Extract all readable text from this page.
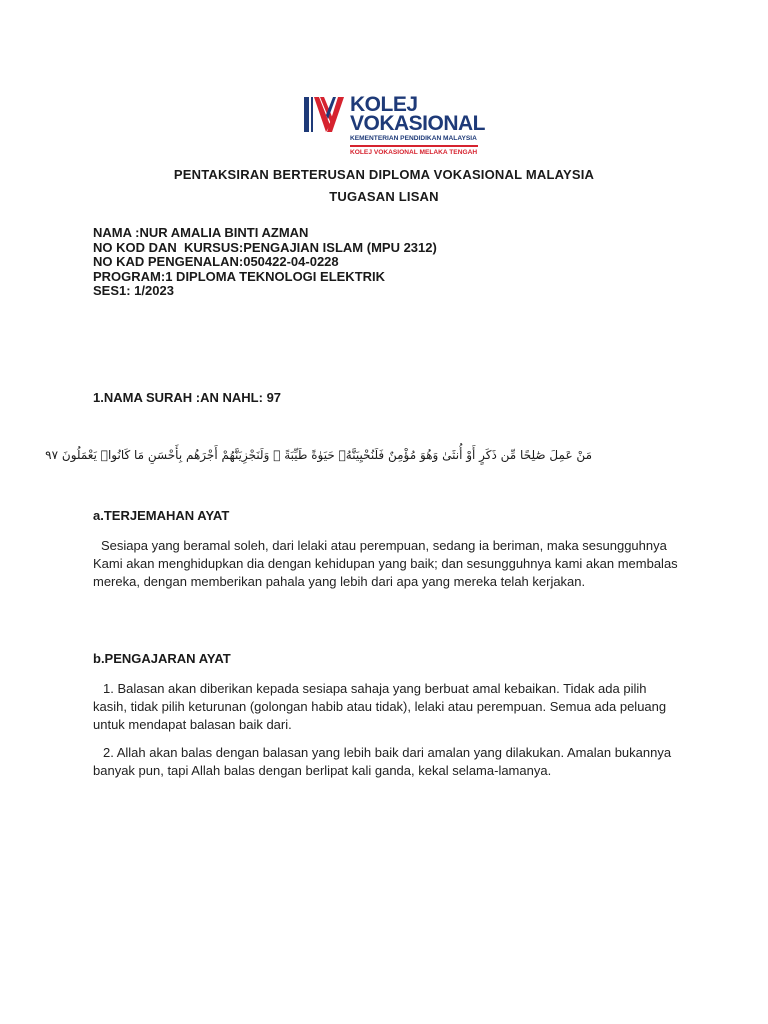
KOLEJ
VOKASIONAL
KEMENTERIAN PENDIDIKAN MALAYSIA
KOLEJ VOKASIONAL MELAKA TENGAH
PENTAKSIRAN BERTERUSAN DIPLOMA VOKASIONAL MALAYSIA
TUGASAN LISAN
NAMA :NUR AMALIA BINTI AZMAN
NO KOD DAN  KURSUS:PENGAJIAN ISLAM (MPU 2312)
NO KAD PENGENALAN:050422-04-0228
PROGRAM:1 DIPLOMA TEKNOLOGI ELEKTRIK
SES1: 1/2023
1.NAMA SURAH :AN NAHL: 97
مَنْ عَمِلَ صَٰلِحًا مِّن ذَكَرٍ أَوْ أُنثَىٰ وَهُوَ مُؤْمِنٌ فَلَنُحْيِيَنَّهُۥ حَيَوٰةً طَيِّبَةً ۖ وَلَنَجْزِيَنَّهُمْ أَجْرَهُم بِأَحْسَنِ مَا كَانُوا۟ يَعْمَلُونَ ٩٧
a.TERJEMAHAN AYAT
Sesiapa yang beramal soleh, dari lelaki atau perempuan, sedang ia beriman, maka sesungguhnya Kami akan menghidupkan dia dengan kehidupan yang baik; dan sesungguhnya kami akan membalas mereka, dengan memberikan pahala yang lebih dari apa yang mereka telah kerjakan.
b.PENGAJARAN AYAT
1. Balasan akan diberikan kepada sesiapa sahaja yang berbuat amal kebaikan. Tidak ada pilih kasih, tidak pilih keturunan (golongan habib atau tidak), lelaki atau perempuan. Semua ada peluang untuk mendapat balasan baik dari.
2. Allah akan balas dengan balasan yang lebih baik dari amalan yang dilakukan. Amalan bukannya banyak pun, tapi Allah balas dengan berlipat kali ganda, kekal selama-lamanya.
